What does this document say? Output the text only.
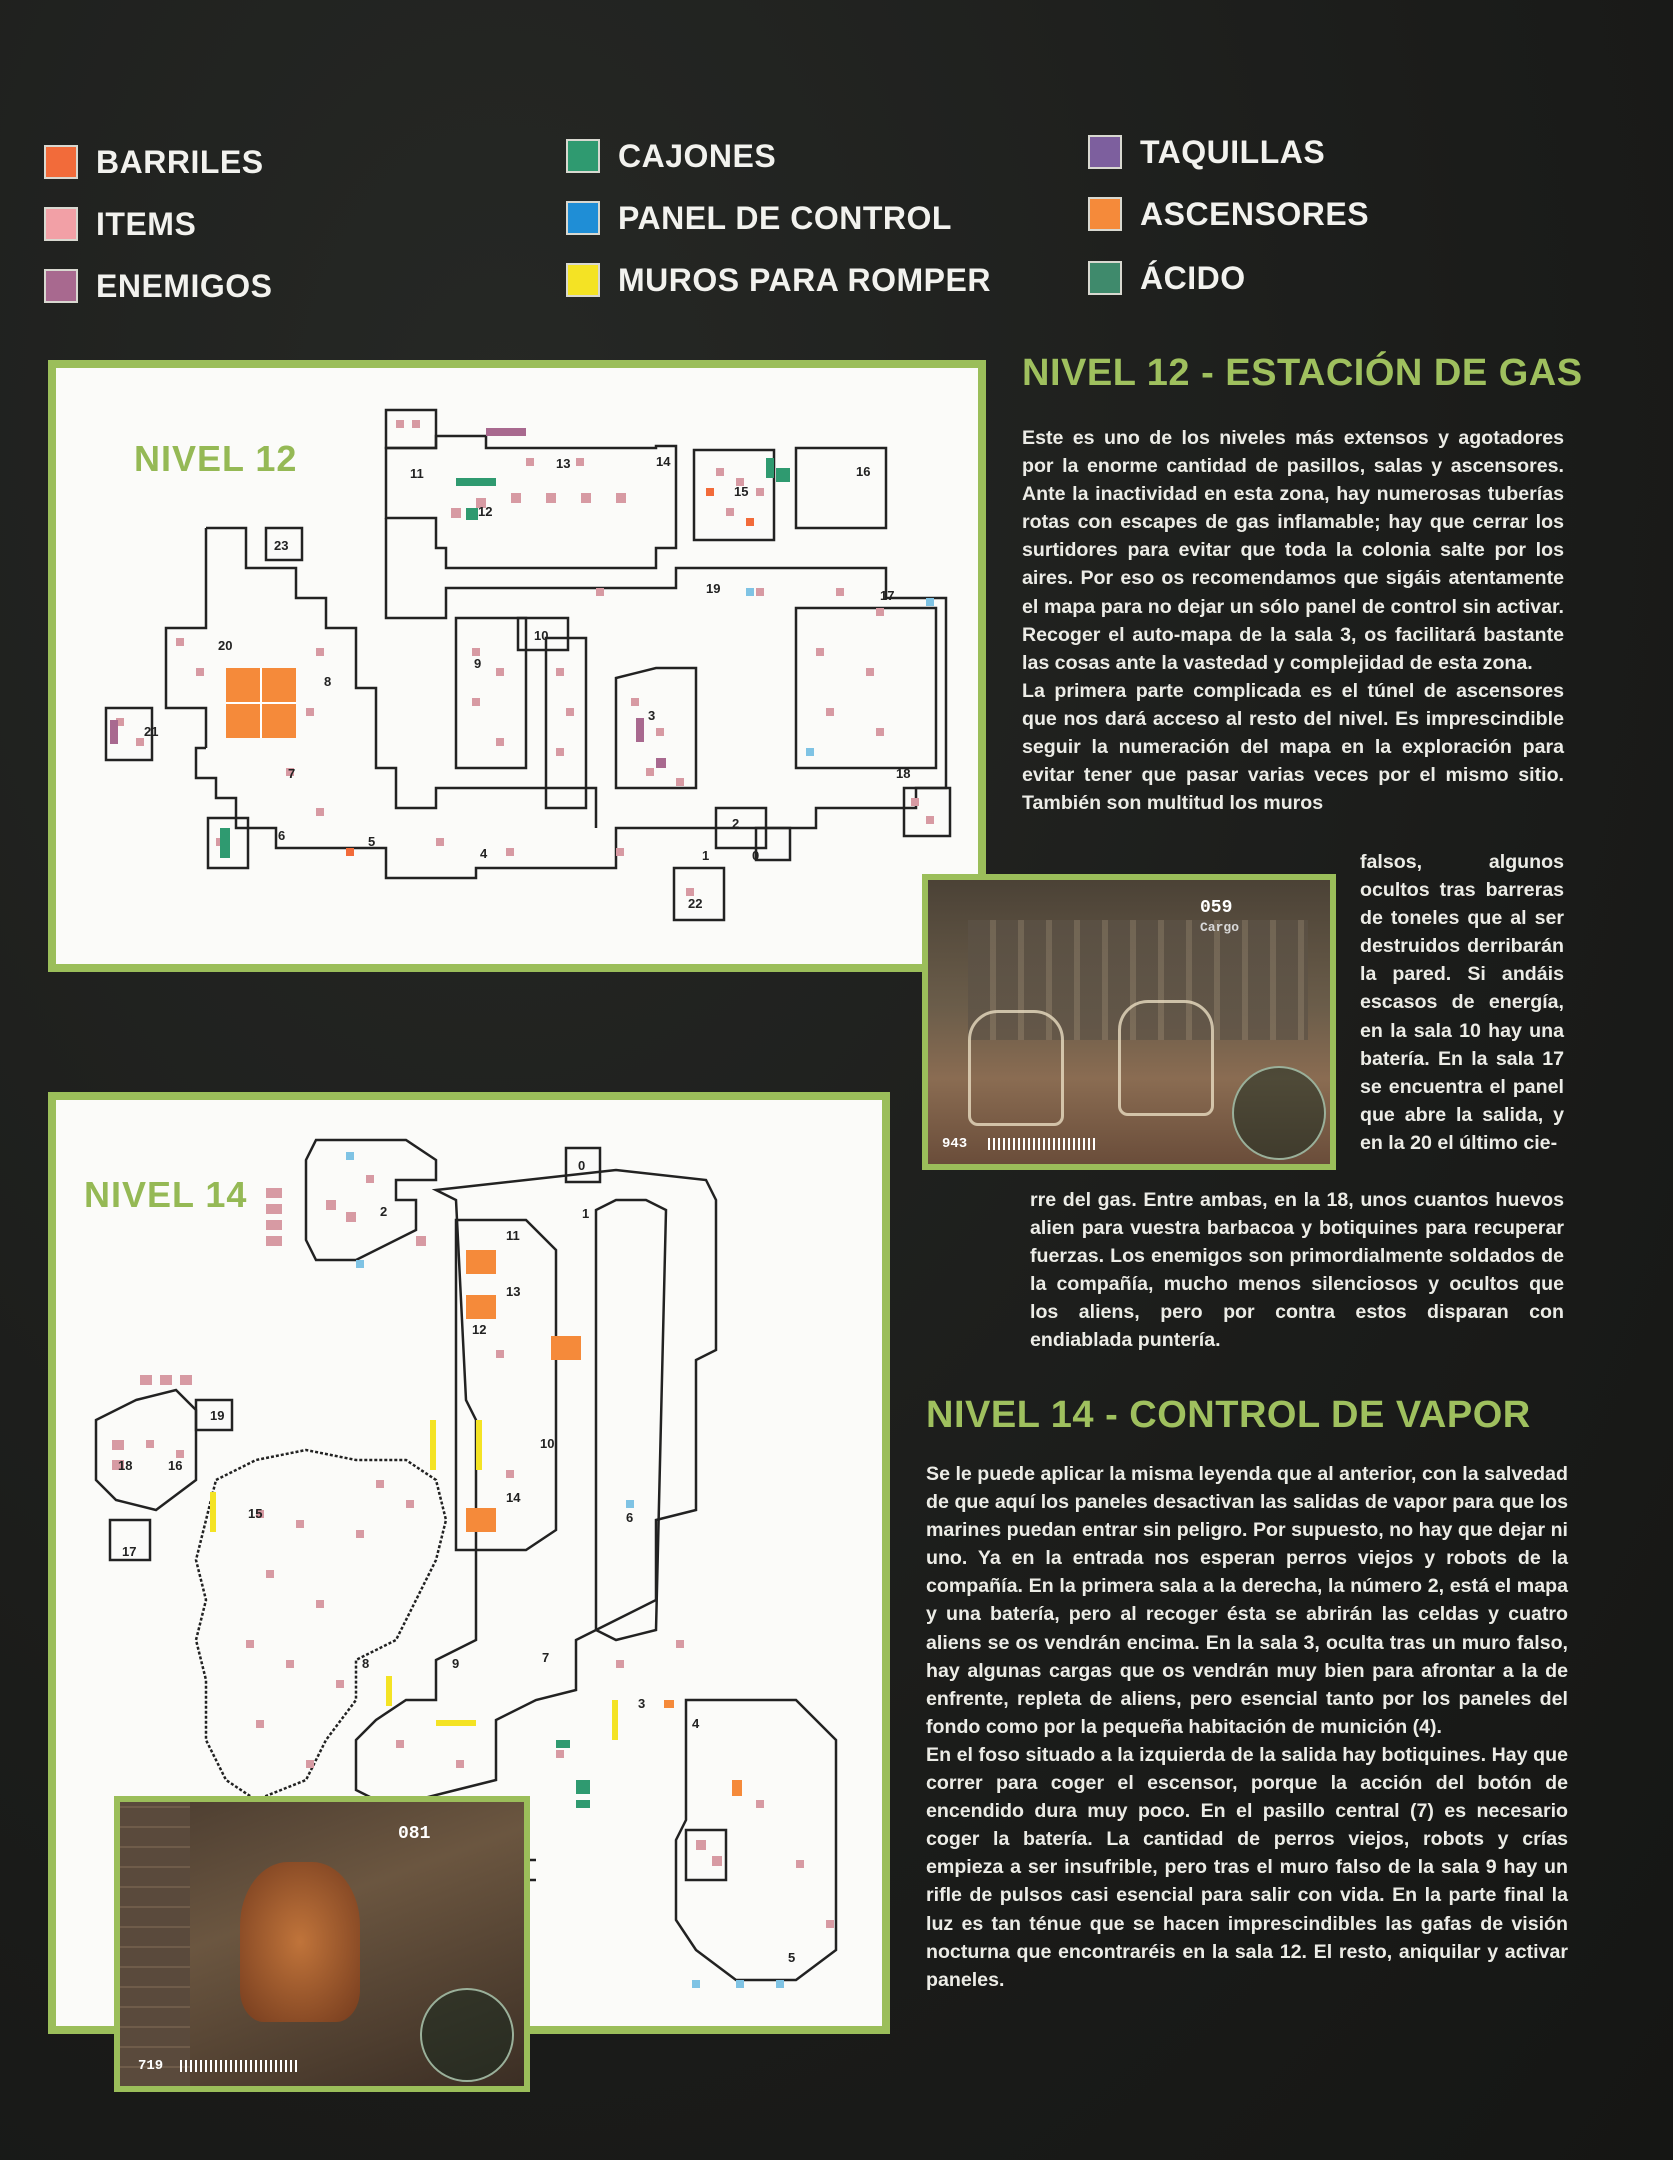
BARRILES
ITEMS
ENEMIGOS
CAJONES
PANEL DE CONTROL
MUROS PARA ROMPER
TAQUILLAS
ASCENSORES
ÁCIDO
NIVEL 12	11
13	14
15
16
12
23
19	17
20
10
8
9
21
3
7	18
2
6	5
4	1	0
22
NIVEL 12 - ESTACIÓN DE GAS

Este es uno de los niveles más extensos y agotadores por la enorme cantidad de pasillos, salas y ascensores. Ante la inactividad en esta zona, hay numerosas tuberías rotas con escapes de gas inflamable; hay que cerrar los surtidores para evitar que toda la colonia salte por los aires. Por eso os recomendamos que sigáis atentamente el mapa para no dejar un sólo panel de control sin activar. Recoger el auto-mapa de la sala 3, os facilitará bastante las cosas ante la vastedad y complejidad de esta zona.

La primera parte complicada es el túnel de ascensores que nos dará acceso al resto del nivel. Es imprescindible seguir la numeración del mapa en la exploración para evitar tener que pasar varias veces por el mismo sitio. También son multitud los muros

falsos, algunos ocultos tras barreras de toneles que al ser destruidos derribarán la pared. Si andáis escasos de energía, en la sala 10 hay una batería. En la sala 17 se encuentra el panel que abre la salida, y en la 20 el último cie-
rre del gas. Entre ambas, en la 18, unos cuantos huevos alien para vuestra barbacoa y botiquines para recuperar fuerzas. Los enemigos son primordialmente soldados de la compañía, mucho menos silenciosos y ocultos que los aliens, pero por contra estos disparan con endiablada puntería.
059
Cargo
943
NIVEL 14
0
2	1
11
13
12
19
10
18	16
15
14
6
17
8	9	7
3
4
5
081
719
NIVEL 14 - CONTROL DE VAPOR

Se le puede aplicar la misma leyenda que al anterior, con la salvedad de que aquí los paneles desactivan las salidas de vapor para que los marines puedan entrar sin peligro. Por supuesto, no hay que dejar ni uno. Ya en la entrada nos esperan perros viejos y robots de la compañía. En la primera sala a la derecha, la número 2, está el mapa y una batería, pero al recoger ésta se abrirán las celdas y cuatro aliens se os vendrán encima. En la sala 3, oculta tras un muro falso, hay algunas cargas que os vendrán muy bien para afrontar a la de enfrente, repleta de aliens, pero esencial tanto por los paneles del fondo como por la pequeña habitación de munición (4).

En el foso situado a la izquierda de la salida hay botiquines. Hay que correr para coger el escensor, porque la acción del botón de encendido dura muy poco. En el pasillo central (7) es necesario coger la batería. La cantidad de perros viejos, robots y crías empieza a ser insufrible, pero tras el muro falso de la sala 9 hay un rifle de pulsos casi esencial para salir con vida. En la parte final la luz es tan ténue que se hacen imprescindibles las gafas de visión nocturna que encontraréis en la sala 12. El resto, aniquilar y activar paneles.
